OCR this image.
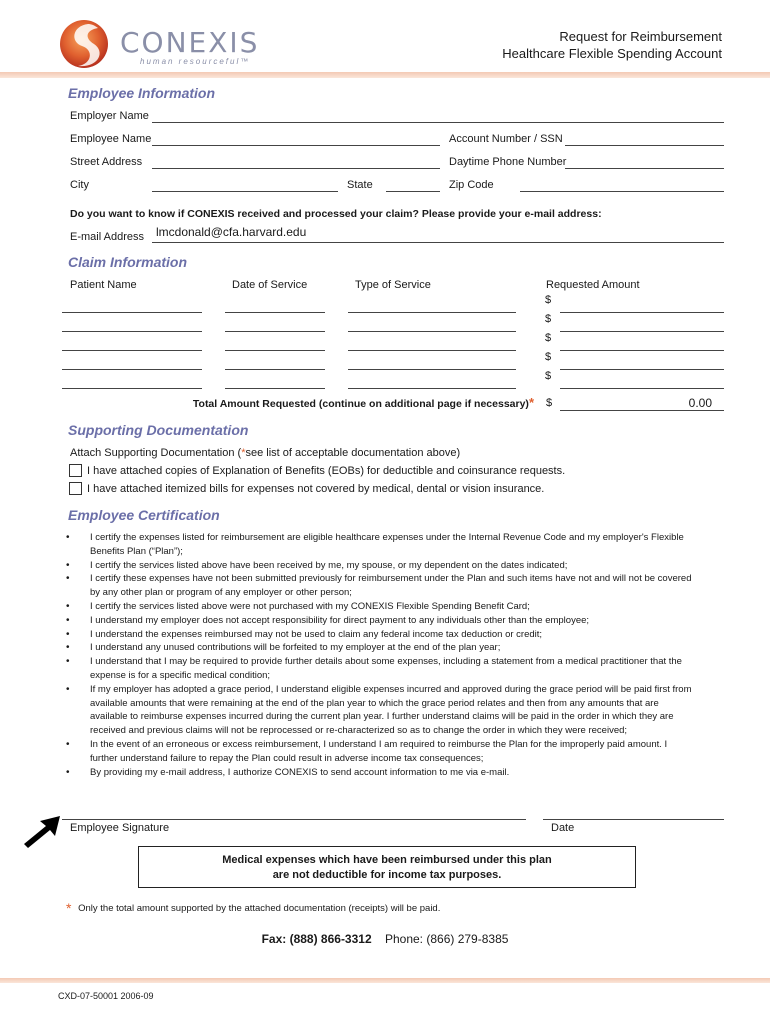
CONEXIS
human resourceful™
Request for Reimbursement
Healthcare Flexible Spending Account
Employee Information
Employer Name
Employee Name	Account Number / SSN
Street Address	Daytime Phone Number
City	State	Zip Code
Do you want to know if CONEXIS received and processed your claim? Please provide your e-mail address:
E-mail Address lmcdonald@cfa.harvard.edu
Claim Information
Patient Name	Date of Service	Type of Service	Requested Amount
$
$
$
$
$
Total Amount Requested (continue on additional page if necessary)* $	0.00
Supporting Documentation
Attach Supporting Documentation (*see list of acceptable documentation above)
I have attached copies of Explanation of Benefits (EOBs) for deductible and coinsurance requests.
I have attached itemized bills for expenses not covered by medical, dental or vision insurance.
Employee Certification
• I certify the expenses listed for reimbursement are eligible healthcare expenses under the Internal Revenue Code and my employer's Flexible Benefits Plan (“Plan”);
• I certify the services listed above have been received by me, my spouse, or my dependent on the dates indicated;
• I certify these expenses have not been submitted previously for reimbursement under the Plan and such items have not and will not be covered by any other plan or program of any employer or other person;
• I certify the services listed above were not purchased with my CONEXIS Flexible Spending Benefit Card;
• I understand my employer does not accept responsibility for direct payment to any individuals other than the employee;
• I understand the expenses reimbursed may not be used to claim any federal income tax deduction or credit;
• I understand any unused contributions will be forfeited to my employer at the end of the plan year;
• I understand that I may be required to provide further details about some expenses, including a statement from a medical practitioner that the expense is for a specific medical condition;
• If my employer has adopted a grace period, I understand eligible expenses incurred and approved during the grace period will be paid first from available amounts that were remaining at the end of the plan year to which the grace period relates and then from any amounts that are available to reimburse expenses incurred during the current plan year. I further understand claims will be paid in the order in which they are received and previous claims will not be reprocessed or re-characterized so as to change the order in which they were received;
• In the event of an erroneous or excess reimbursement, I understand I am required to reimburse the Plan for the improperly paid amount. I further understand failure to repay the Plan could result in adverse income tax consequences;
• By providing my e-mail address, I authorize CONEXIS to send account information to me via e-mail.
Employee Signature	Date
Medical expenses which have been reimbursed under this plan
are not deductible for income tax purposes.
* Only the total amount supported by the attached documentation (receipts) will be paid.
Fax: (888) 866-3312 Phone: (866) 279-8385
CXD-07-50001 2006-09
